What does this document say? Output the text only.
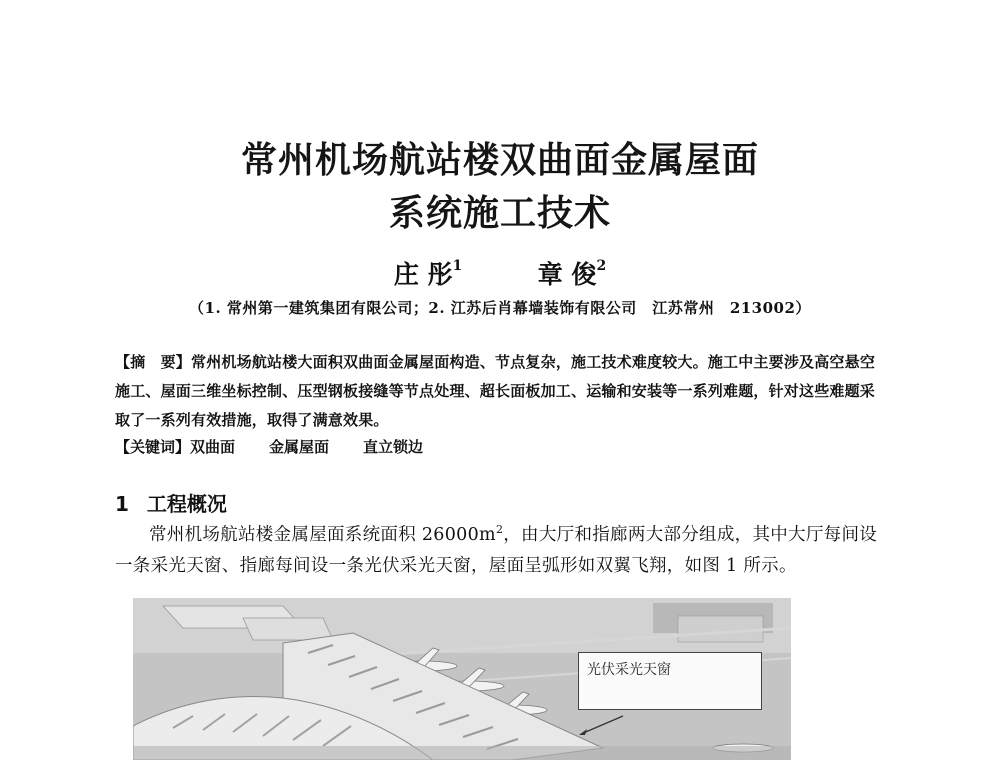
常州机场航站楼双曲面金属屋面
系统施工技术
庄 彤$^1$	章 俊$^2$
（1. 常州第一建筑集团有限公司；2. 江苏后肖幕墙装饰有限公司　江苏常州　213002）
【摘　要】常州机场航站楼大面积双曲面金属屋面构造、节点复杂，施工技术难度较大。施工中主要涉及高空悬空施工、屋面三维坐标控制、压型钢板接缝等节点处理、超长面板加工、运输和安装等一系列难题，针对这些难题采取了一系列有效措施，取得了满意效果。
【关键词】双曲面 金属屋面 直立锁边
1 工程概况
常州机场航站楼金属屋面系统面积 $26000m^2$，由大厅和指廊两大部分组成，其中大厅每间设一条采光天窗、指廊每间设一条光伏采光天窗，屋面呈弧形如双翼飞翔，如图 1 所示。
光伏采光天窗
